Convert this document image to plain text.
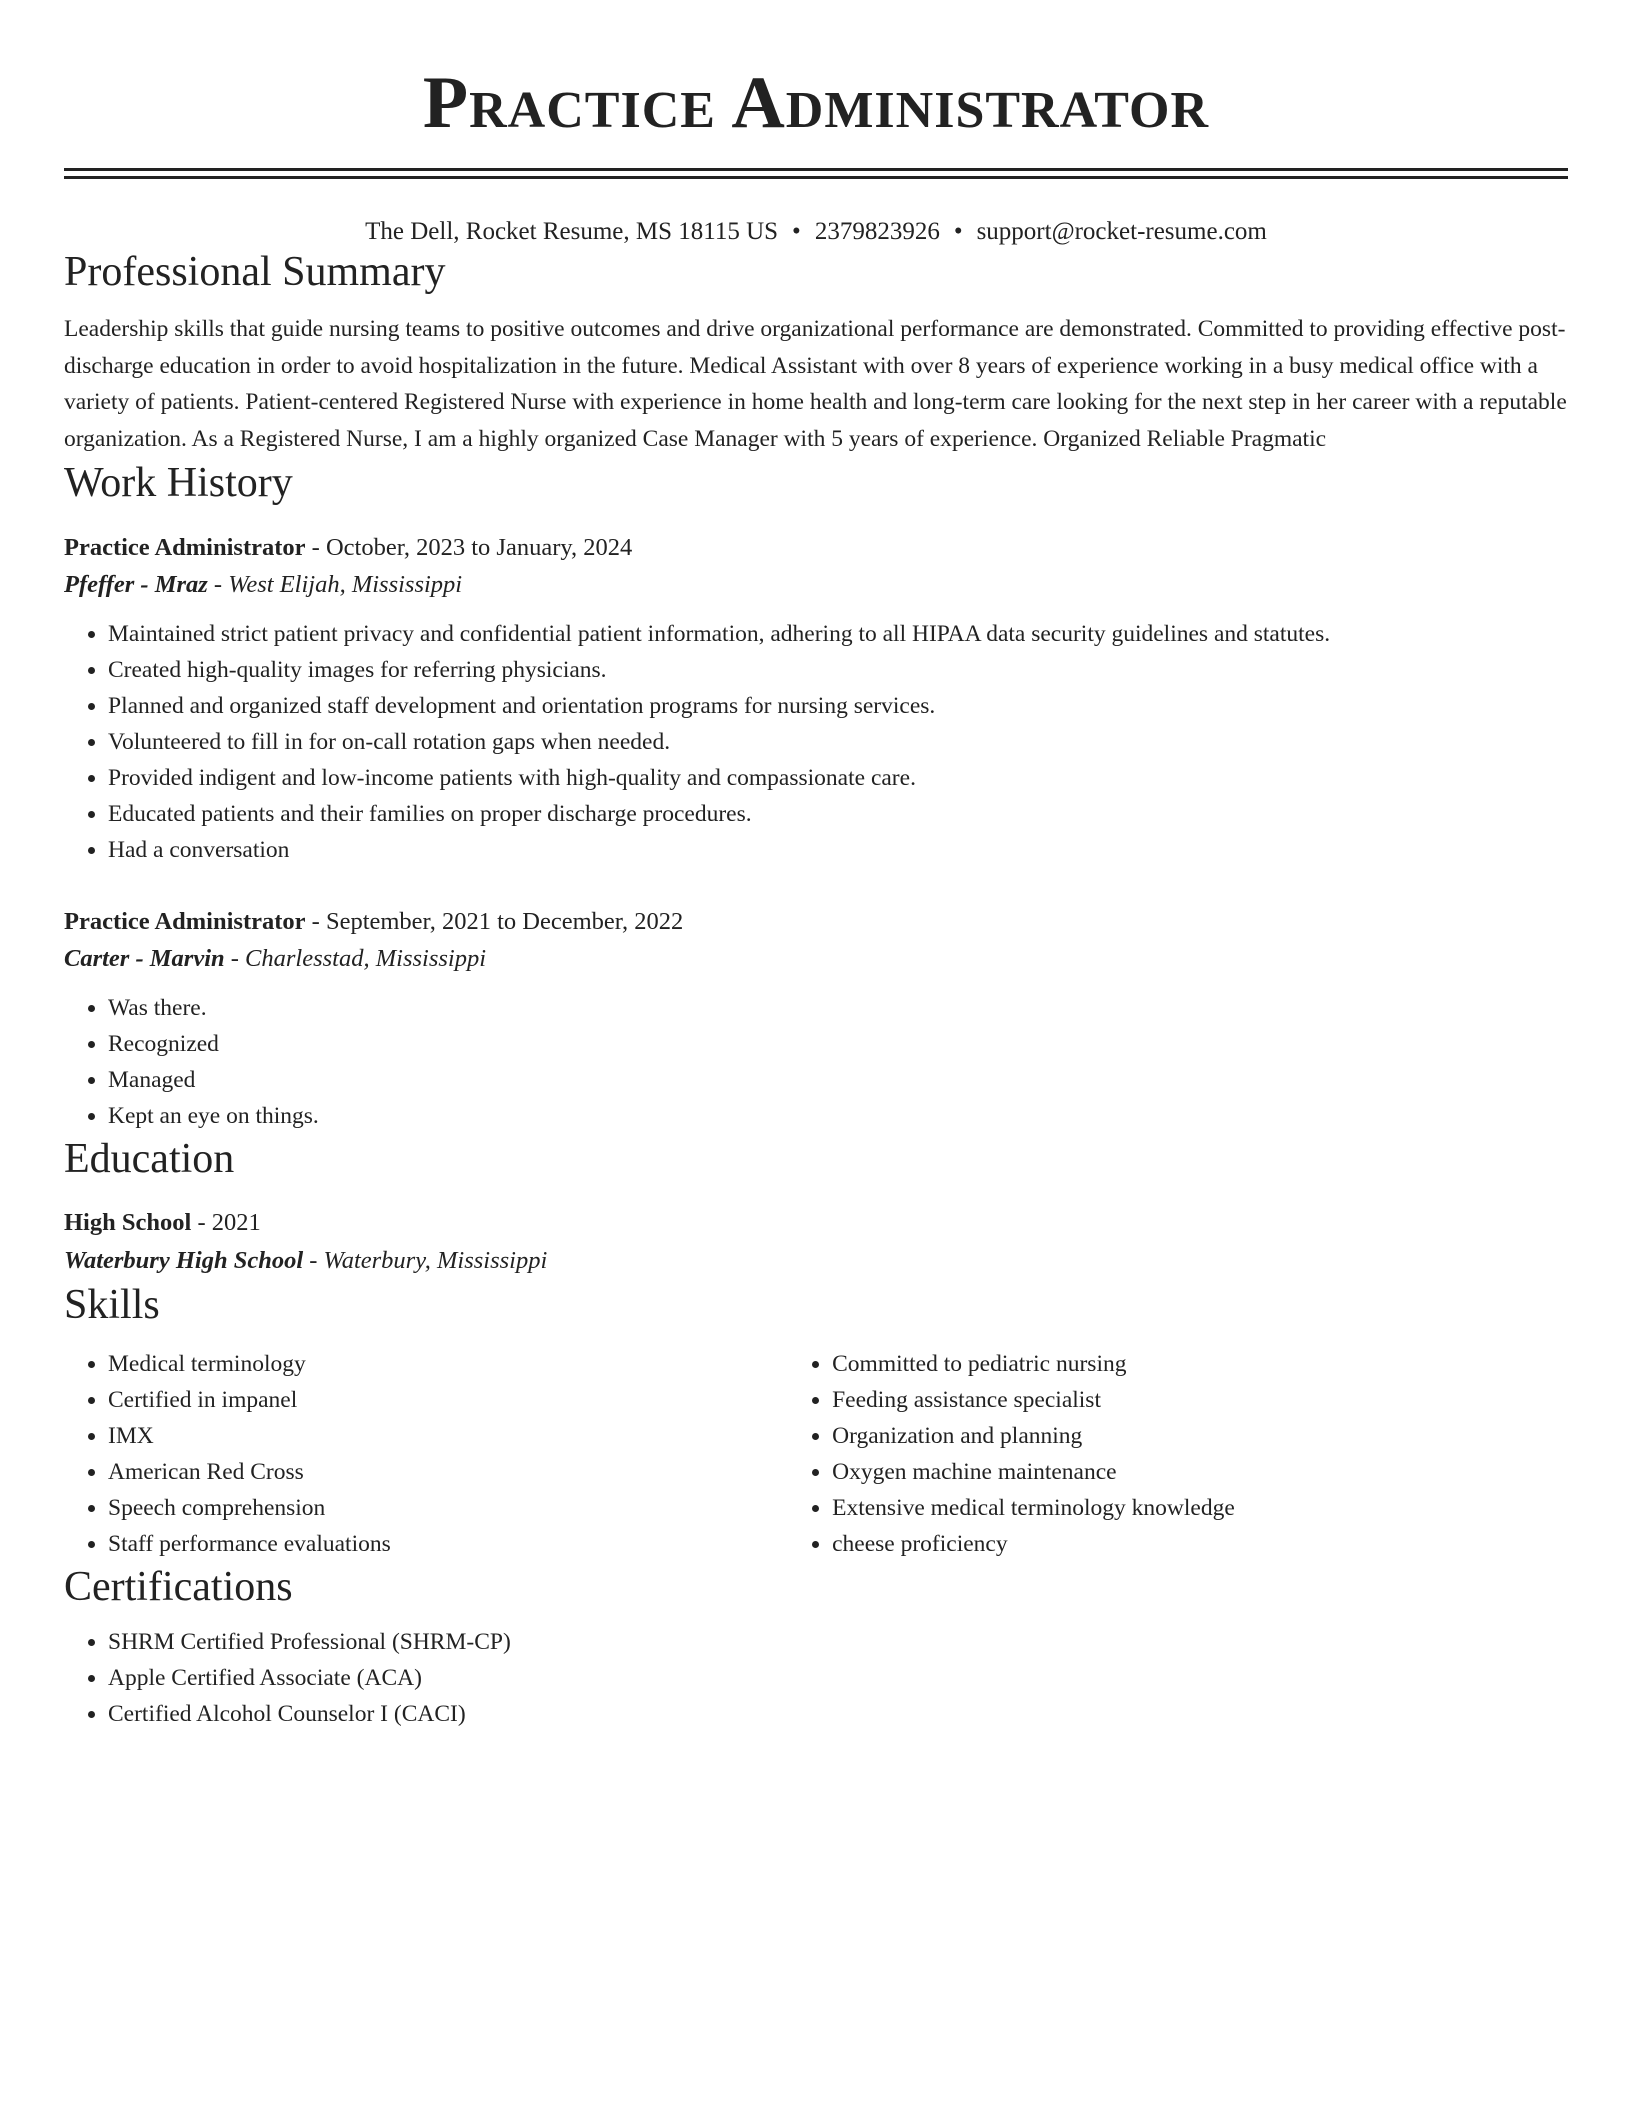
Practice Administrator
The Dell, Rocket Resume, MS 18115 US • 2379823926 • support@rocket-resume.com
Professional Summary
Leadership skills that guide nursing teams to positive outcomes and drive organizational performance are demonstrated. Committed to providing effective post-discharge education in order to avoid hospitalization in the future. Medical Assistant with over 8 years of experience working in a busy medical office with a variety of patients. Patient-centered Registered Nurse with experience in home health and long-term care looking for the next step in her career with a reputable organization. As a Registered Nurse, I am a highly organized Case Manager with 5 years of experience. Organized Reliable Pragmatic
Work History
Practice Administrator - October, 2023 to January, 2024
Pfeffer - Mraz - West Elijah, Mississippi
• Maintained strict patient privacy and confidential patient information, adhering to all HIPAA data security guidelines and statutes.
• Created high-quality images for referring physicians.
• Planned and organized staff development and orientation programs for nursing services.
• Volunteered to fill in for on-call rotation gaps when needed.
• Provided indigent and low-income patients with high-quality and compassionate care.
• Educated patients and their families on proper discharge procedures.
• Had a conversation
Practice Administrator - September, 2021 to December, 2022
Carter - Marvin - Charlesstad, Mississippi
• Was there.
• Recognized
• Managed
• Kept an eye on things.
Education
High School - 2021
Waterbury High School - Waterbury, Mississippi
Skills
• Medical terminology
• Certified in impanel
• IMX
• American Red Cross
• Speech comprehension
• Staff performance evaluations
• Committed to pediatric nursing
• Feeding assistance specialist
• Organization and planning
• Oxygen machine maintenance
• Extensive medical terminology knowledge
• cheese proficiency
Certifications
• SHRM Certified Professional (SHRM-CP)
• Apple Certified Associate (ACA)
• Certified Alcohol Counselor I (CACI)
